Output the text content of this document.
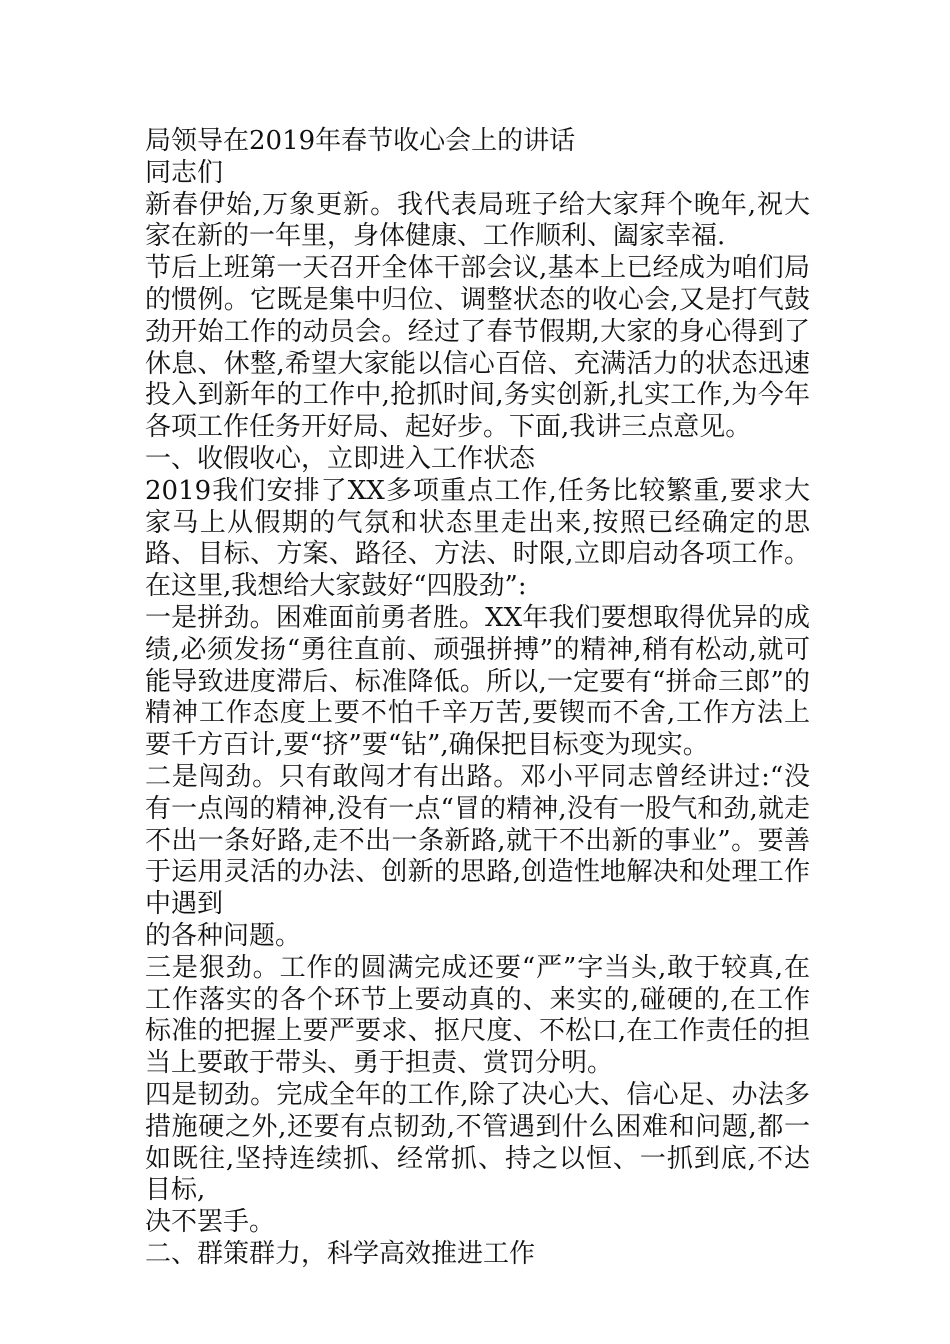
局领导在2019年春节收心会上的讲话

同志们

新春伊始,万象更新。我代表局班子给大家拜个晚年,祝大家在新的一年里，身体健康、工作顺利、阖家幸福.

节后上班第一天召开全体干部会议,基本上已经成为咱们局的惯例。它既是集中归位、调整状态的收心会,又是打气鼓劲开始工作的动员会。经过了春节假期,大家的身心得到了休息、休整,希望大家能以信心百倍、充满活力的状态迅速投入到新年的工作中,抢抓时间,务实创新,扎实工作,为今年各项工作任务开好局、起好步。下面,我讲三点意见。

一、收假收心，立即进入工作状态

2019我们安排了XX多项重点工作,任务比较繁重,要求大家马上从假期的气氛和状态里走出来,按照已经确定的思路、目标、方案、路径、方法、时限,立即启动各项工作。在这里,我想给大家鼓好“四股劲”:

一是拼劲。困难面前勇者胜。XX年我们要想取得优异的成绩,必须发扬“勇往直前、顽强拼搏”的精神,稍有松动,就可能导致进度滞后、标准降低。所以,一定要有“拼命三郎”的精神工作态度上要不怕千辛万苦,要锲而不舍,工作方法上要千方百计,要“挤”要“钻”,确保把目标变为现实。

二是闯劲。只有敢闯才有出路。邓小平同志曾经讲过:“没有一点闯的精神,没有一点“冒的精神,没有一股气和劲,就走不出一条好路,走不出一条新路,就干不出新的事业”。要善于运用灵活的办法、创新的思路,创造性地解决和处理工作中遇到

的各种问题。

三是狠劲。工作的圆满完成还要“严”字当头,敢于较真,在工作落实的各个环节上要动真的、来实的,碰硬的,在工作标准的把握上要严要求、抠尺度、不松口,在工作责任的担当上要敢于带头、勇于担责、赏罚分明。

四是韧劲。完成全年的工作,除了决心大、信心足、办法多措施硬之外,还要有点韧劲,不管遇到什么困难和问题,都一如既往,坚持连续抓、经常抓、持之以恒、一抓到底,不达目标,

决不罢手。

二、群策群力，科学高效推进工作
